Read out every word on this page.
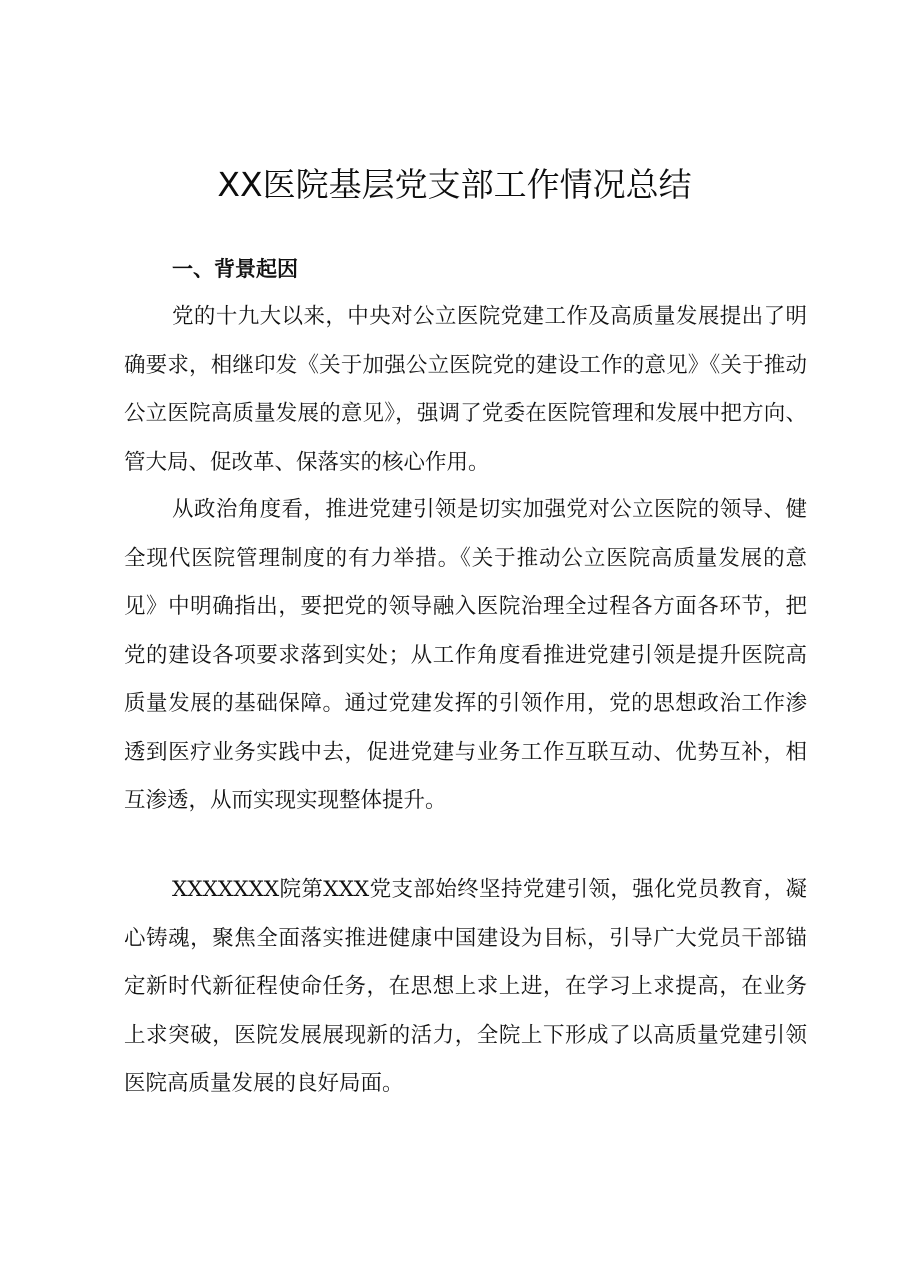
XX医院基层党支部工作情况总结
一、背景起因

党的十九大以来，中央对公立医院党建工作及高质量发展提出了明确要求，相继印发《关于加强公立医院党的建设工作的意见》《关于推动公立医院高质量发展的意见》，强调了党委在医院管理和发展中把方向、管大局、促改革、保落实的核心作用。

从政治角度看，推进党建引领是切实加强党对公立医院的领导、健全现代医院管理制度的有力举措。《关于推动公立医院高质量发展的意见》中明确指出，要把党的领导融入医院治理全过程各方面各环节，把党的建设各项要求落到实处；从工作角度看推进党建引领是提升医院高质量发展的基础保障。通过党建发挥的引领作用，党的思想政治工作渗透到医疗业务实践中去，促进党建与业务工作互联互动、优势互补，相互渗透，从而实现实现整体提升。

XXXXXXX院第XXX党支部始终坚持党建引领，强化党员教育，凝心铸魂，聚焦全面落实推进健康中国建设为目标，引导广大党员干部锚定新时代新征程使命任务，在思想上求上进，在学习上求提高，在业务上求突破，医院发展展现新的活力，全院上下形成了以高质量党建引领医院高质量发展的良好局面。
